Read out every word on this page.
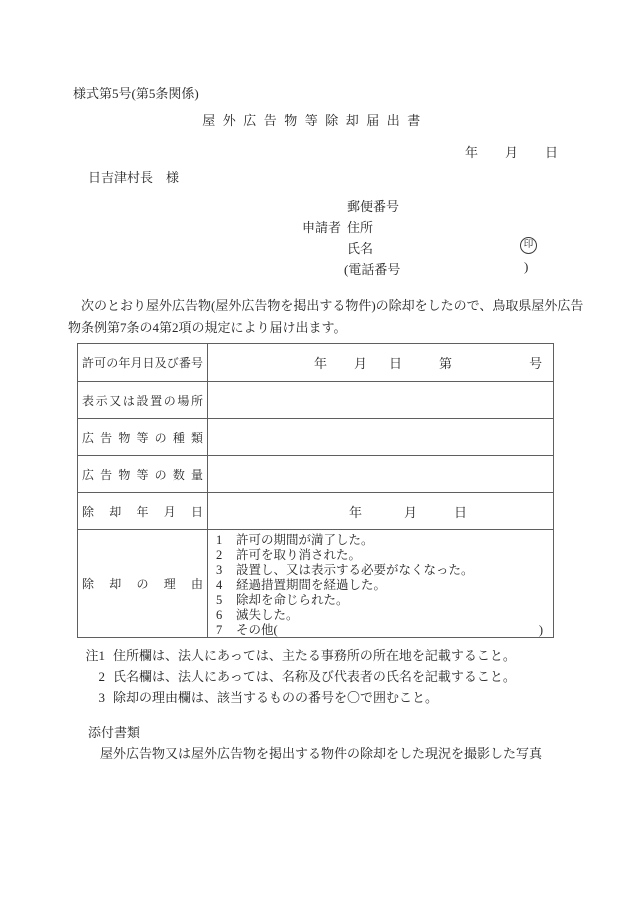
様式第5号(第5条関係)
屋外広告物等除却届出書
年 月 日
日吉津村長　様
郵便番号
申請者 住所
氏名	印
(電話番号	)
次のとおり屋外広告物(屋外広告物を掲出する物件)の除却をしたので、鳥取県屋外広告物条例第7条の4第2項の規定により届け出ます。
許可の年月日及び番号	年 月 日	第	号
表示又は設置の場所
広告物等の種類
広告物等の数量
除却年月日	年	月	日
除却の理由
1	許可の期間が満了した。
2	許可を取り消された。
3	設置し、又は表示する必要がなくなった。
4	経過措置期間を経過した。
5	除却を命じられた。
6	滅失した。
7	その他(	)
注1 住所欄は、法人にあっては、主たる事務所の所在地を記載すること。
2 氏名欄は、法人にあっては、名称及び代表者の氏名を記載すること。
3 除却の理由欄は、該当するものの番号を〇で囲むこと。
添付書類
屋外広告物又は屋外広告物を掲出する物件の除却をした現況を撮影した写真
